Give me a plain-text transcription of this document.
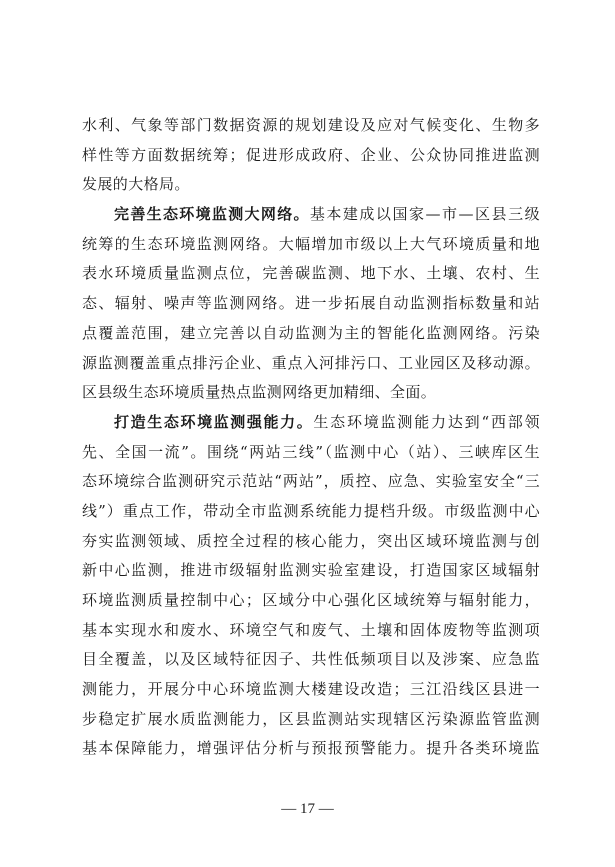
水利、气象等部门数据资源的规划建设及应对气候变化、生物多
样性等方面数据统筹；促进形成政府、企业、公众协同推进监测
发展的大格局。
完善生态环境监测大网络。基本建成以国家—市—区县三级
统筹的生态环境监测网络。大幅增加市级以上大气环境质量和地
表水环境质量监测点位，完善碳监测、地下水、土壤、农村、生
态、辐射、噪声等监测网络。进一步拓展自动监测指标数量和站
点覆盖范围，建立完善以自动监测为主的智能化监测网络。污染
源监测覆盖重点排污企业、重点入河排污口、工业园区及移动源。
区县级生态环境质量热点监测网络更加精细、全面。
打造生态环境监测强能力。生态环境监测能力达到“西部领
先、全国一流”。围绕“两站三线”（监测中心（站）、三峡库区生
态环境综合监测研究示范站“两站”，质控、应急、实验室安全“三
线”）重点工作，带动全市监测系统能力提档升级。市级监测中心
夯实监测领域、质控全过程的核心能力，突出区域环境监测与创
新中心监测，推进市级辐射监测实验室建设，打造国家区域辐射
环境监测质量控制中心；区域分中心强化区域统筹与辐射能力，
基本实现水和废水、环境空气和废气、土壤和固体废物等监测项
目全覆盖，以及区域特征因子、共性低频项目以及涉案、应急监
测能力，开展分中心环境监测大楼建设改造；三江沿线区县进一
步稳定扩展水质监测能力，区县监测站实现辖区污染源监管监测
基本保障能力，增强评估分析与预报预警能力。提升各类环境监
— 17 —
